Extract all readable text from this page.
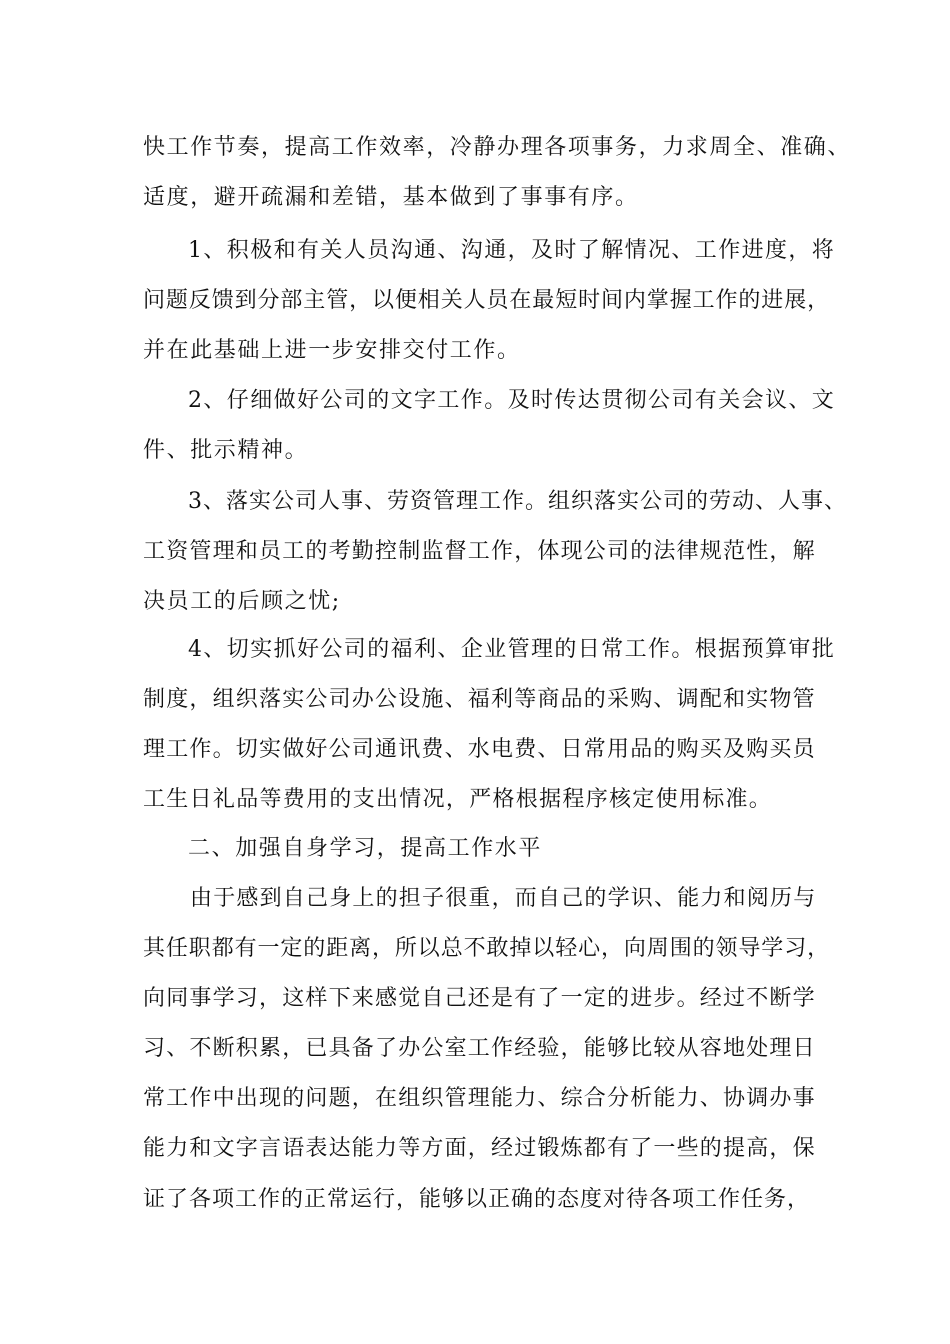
快工作节奏，提高工作效率，冷静办理各项事务，力求周全、准确、
适度，避开疏漏和差错，基本做到了事事有序。
1、积极和有关人员沟通、沟通，及时了解情况、工作进度，将
问题反馈到分部主管，以便相关人员在最短时间内掌握工作的进展，
并在此基础上进一步安排交付工作。
2、仔细做好公司的文字工作。及时传达贯彻公司有关会议、文
件、批示精神。
3、落实公司人事、劳资管理工作。组织落实公司的劳动、人事、
工资管理和员工的考勤控制监督工作，体现公司的法律规范性，解
决员工的后顾之忧;
4、切实抓好公司的福利、企业管理的日常工作。根据预算审批
制度，组织落实公司办公设施、福利等商品的采购、调配和实物管
理工作。切实做好公司通讯费、水电费、日常用品的购买及购买员
工生日礼品等费用的支出情况，严格根据程序核定使用标准。
二、加强自身学习，提高工作水平
由于感到自己身上的担子很重，而自己的学识、能力和阅历与
其任职都有一定的距离，所以总不敢掉以轻心，向周围的领导学习，
向同事学习，这样下来感觉自己还是有了一定的进步。经过不断学
习、不断积累，已具备了办公室工作经验，能够比较从容地处理日
常工作中出现的问题，在组织管理能力、综合分析能力、协调办事
能力和文字言语表达能力等方面，经过锻炼都有了一些的提高，保
证了各项工作的正常运行，能够以正确的态度对待各项工作任务，
